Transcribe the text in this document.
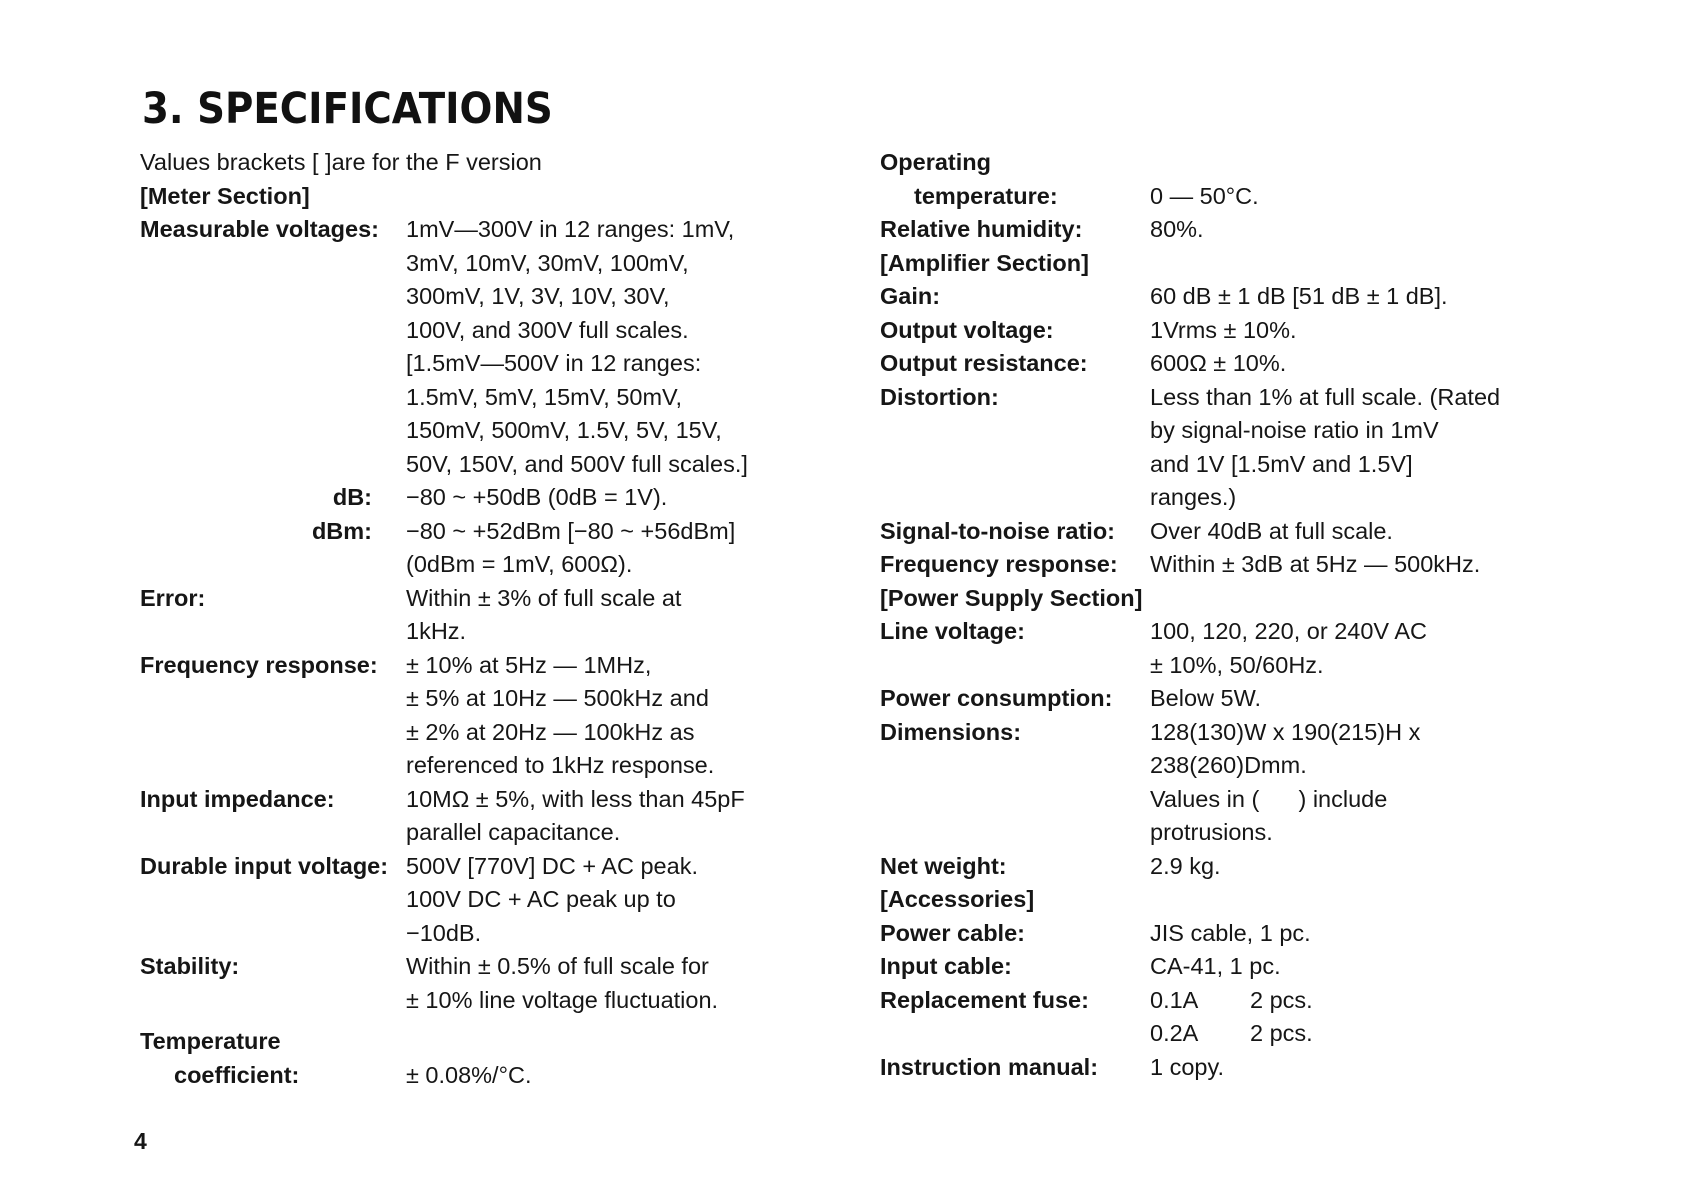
3. SPECIFICATIONS
Values brackets [ ]are for the F version
[Meter Section]
Measurable voltages: 1mV—300V in 12 ranges: 1mV,
3mV, 10mV, 30mV, 100mV,
300mV, 1V, 3V, 10V, 30V,
100V, and 300V full scales.
[1.5mV—500V in 12 ranges:
1.5mV, 5mV, 15mV, 50mV,
150mV, 500mV, 1.5V, 5V, 15V,
50V, 150V, and 500V full scales.]
dB: −80 ~ +50dB (0dB = 1V).
dBm: −80 ~ +52dBm [−80 ~ +56dBm]
(0dBm = 1mV, 600Ω).
Error:	Within ± 3% of full scale at
1kHz.
Frequency response: ± 10% at 5Hz — 1MHz,
± 5% at 10Hz — 500kHz and
± 2% at 20Hz — 100kHz as
referenced to 1kHz response.
Input impedance:	10MΩ ± 5%, with less than 45pF
parallel capacitance.
Durable input voltage: 500V [770V] DC + AC peak.
100V DC + AC peak up to
−10dB.
Stability:	Within ± 0.5% of full scale for
± 10% line voltage fluctuation.
Temperature
coefficient:	± 0.08%/°C.
Operating
temperature:	0 — 50°C.
Relative humidity:	80%.
[Amplifier Section]
Gain:	60 dB ± 1 dB [51 dB ± 1 dB].
Output voltage:	1Vrms ± 10%.
Output resistance:	600Ω ± 10%.
Distortion:	Less than 1% at full scale. (Rated
by signal-noise ratio in 1mV
and 1V [1.5mV and 1.5V]
ranges.)
Signal-to-noise ratio: Over 40dB at full scale.
Frequency response: Within ± 3dB at 5Hz — 500kHz.
[Power Supply Section]
Line voltage:	100, 120, 220, or 240V AC
± 10%, 50/60Hz.
Power consumption: Below 5W.
Dimensions:	128(130)W x 190(215)H x
238(260)Dmm.
Values in (      ) include
protrusions.
Net weight:	2.9 kg.
[Accessories]
Power cable:	JIS cable, 1 pc.
Input cable:	CA-41, 1 pc.
Replacement fuse:	0.1A 2 pcs.
0.2A 2 pcs.
Instruction manual: 1 copy.
4
